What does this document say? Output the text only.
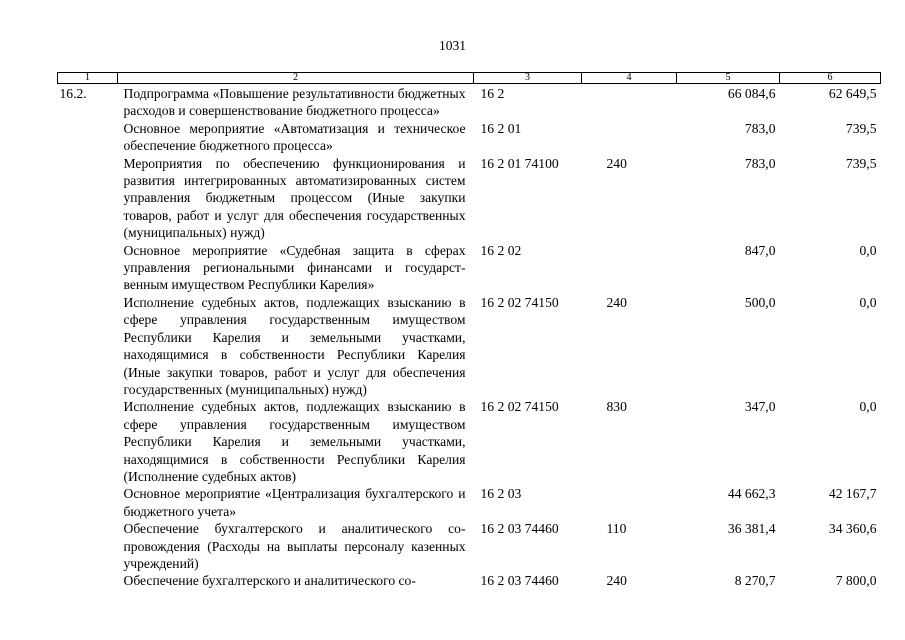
1031
1	2	3	4	5	6
16.2.	Подпрограмма «Повышение результативности бюджетных расходов и совершенствование бюджетного процесса»	16 2		66 084,6	62 649,5
	Основное мероприятие «Автоматизация и техническое обеспечение бюджетного процесса»	16 2 01		783,0	739,5
	Мероприятия по обеспечению функционирования и развития интегрированных автоматизированных систем управления бюджетным процессом (Иные закупки товаров, работ и услуг для обеспечения государственных (муниципальных) нужд)	16 2 01 74100	240	783,0	739,5
	Основное мероприятие «Судебная защита в сферах управления региональными финансами и государственным имуществом Республики Карелия»	16 2 02		847,0	0,0
	Исполнение судебных актов, подлежащих взысканию в сфере управления государственным имуществом Республики Карелия и земельными участками, находящимися в собственности Республики Карелия (Иные закупки товаров, работ и услуг для обеспечения государственных (муниципальных) нужд)	16 2 02 74150	240	500,0	0,0
	Исполнение судебных актов, подлежащих взысканию в сфере управления государственным имуществом Республики Карелия и земельными участками, находящимися в собственности Республики Карелия (Исполнение судебных актов)	16 2 02 74150	830	347,0	0,0
	Основное мероприятие «Централизация бухгалтерского и бюджетного учета»	16 2 03		44 662,3	42 167,7
	Обеспечение бухгалтерского и аналитического сопровождения (Расходы на выплаты персоналу казенных учреждений)	16 2 03 74460	110	36 381,4	34 360,6
	Обеспечение бухгалтерского и аналитического со-	16 2 03 74460	240	8 270,7	7 800,0
